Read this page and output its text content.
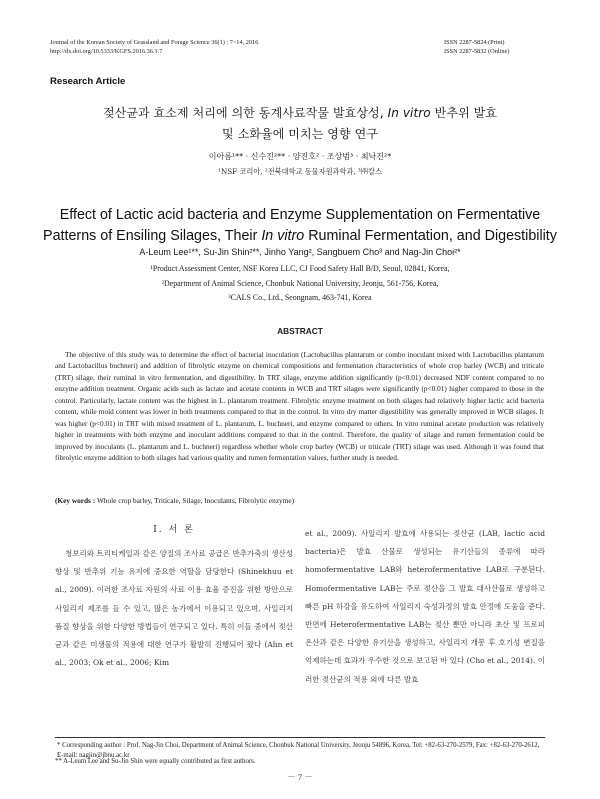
Journal of the Korean Society of Grassland and Forage Science 36(1) : 7~14, 2016
http://dx.doi.org/10.5333/KGFS.2016.36.1.7
ISSN 2287-5824 (Print)
ISSN 2287-5832 (Online)
Research Article
젖산균과 효소제 처리에 의한 동계사료작물 발효상성, In vitro 반추위 발효
및 소화율에 미치는 영향 연구
이아름¹** · 신수진²** · 양진호² · 조상범³ · 최낙진²*
¹NSF 코리아, ²전북대학교 동물자원과학과, ³㈜칼스
Effect of Lactic acid bacteria and Enzyme Supplementation on Fermentative
Patterns of Ensiling Silages, Their In vitro Ruminal Fermentation, and Digestibility
A-Leum Lee¹**, Su-Jin Shin²**, Jinho Yang², Sangbuem Cho³ and Nag-Jin Choi²*
¹Product Assessment Center, NSF Korea LLC, CJ Food Safety Hall B/D, Seoul, 02841, Korea,
²Department of Animal Science, Chonbuk National University, Jeonju, 561-756, Korea,
³CALS Co., Ltd., Seongnam, 463-741, Korea
ABSTRACT

The objective of this study was to determine the effect of bacterial inoculation (Lactobacillus plantarum or combo inoculant mixed with Lactobacillus plantarum and Lactobacillus buchneri) and addition of fibrolytic enzyme on chemical compositions and fermentation characteristics of whole crop barley (WCB) and triticale (TRT) silage, their ruminal in vitro fermentation, and digestibility. In TRT silage, enzyme addition significantly (p<0.01) decreased NDF content compared to no enzyme addition treatment. Organic acids such as lactate and acetate contents in WCB and TRT silages were significantly (p<0.01) higher compared to those in the control. Particularly, lactate content was the highest in L. plantarum treatment. Fibrolytic enzyme treatment on both silages had relatively higher lactic acid bacteria content, while mold content was lower in both treatments compared to that in the control. In vitro dry matter digestibility was generally improved in WCB silages. It was higher (p<0.01) in TRT with mixed treatment of L. plantarum, L. buchneri, and enzyme compared to others. In vitro ruminal acetate production was relatively higher in treatments with both enzyme and inoculant additions compared to that in the control. Therefore, the quality of silage and rumen fermentation could be improved by inoculants (L. plantarum and L. buchneri) regardless whether whole crop barley (WCB) or triticale (TRT) silage was used. Although it was found that fibrolytic enzyme addition to both silages had various quality and rumen fermentation values, further study is needed.

(Key words : Whole crop barley, Triticale, Silage, Inoculants, Fibrolytic enzyme)
Ⅰ. 서 론

청보리와 트리티케일과 같은 양질의 조사료 공급은 반추가축의 생산성 향상 및 반추위 기능 유지에 중요한 역할을 담당한다 (Shinekhuu et al., 2009). 이러한 조사료 자원의 사료 이용 효율 증진을 위한 방안으로 사일리지 제조를 들 수 있고, 많은 농가에서 이용되고 있으며, 사일리지 품질 향상을 위한 다양한 방법들이 연구되고 있다. 특히 이들 중에서 젖산균과 같은 미생물의 적용에 대한 연구가 활발히 진행되어 왔다 (Ahn et al., 2003; Ok et al., 2006; Kim

et al., 2009). 사일리지 발효에 사용되는 젖산균 (LAB, lactic acid bacteria)은 발효 산물로 생성되는 유기산들의 종류에 따라 homofermentative LAB와 heterofermentative LAB로 구분된다. Homofermentative LAB는 주로 젖산을 그 발효 대사산물로 생성하고 빠른 pH 하강을 유도하여 사일리지 숙성과정의 발효 안정에 도움을 준다. 반면에 Heterofermentative LAB는 젖산 뿐만 아니라 초산 및 프로피온산과 같은 다양한 유기산을 생성하고, 사일리지 개봉 후 호기성 변질을 억제하는데 효과가 우수한 것으로 보고된 바 있다 (Cho et al., 2014). 이러한 젖산균의 적용 외에 다른 발효

* Corresponding author : Prof. Nag-Jin Choi, Department of Animal Science, Chonbuk National University, Jeonju 54896, Korea, Tel: +82-63-270-2579, Fax: +82-63-270-2612, E-mail: nagjin@jbnu.ac.kr
** A-Leum Lee and Su-Jin Shin were equally contributed as first authors.
－ 7 －
